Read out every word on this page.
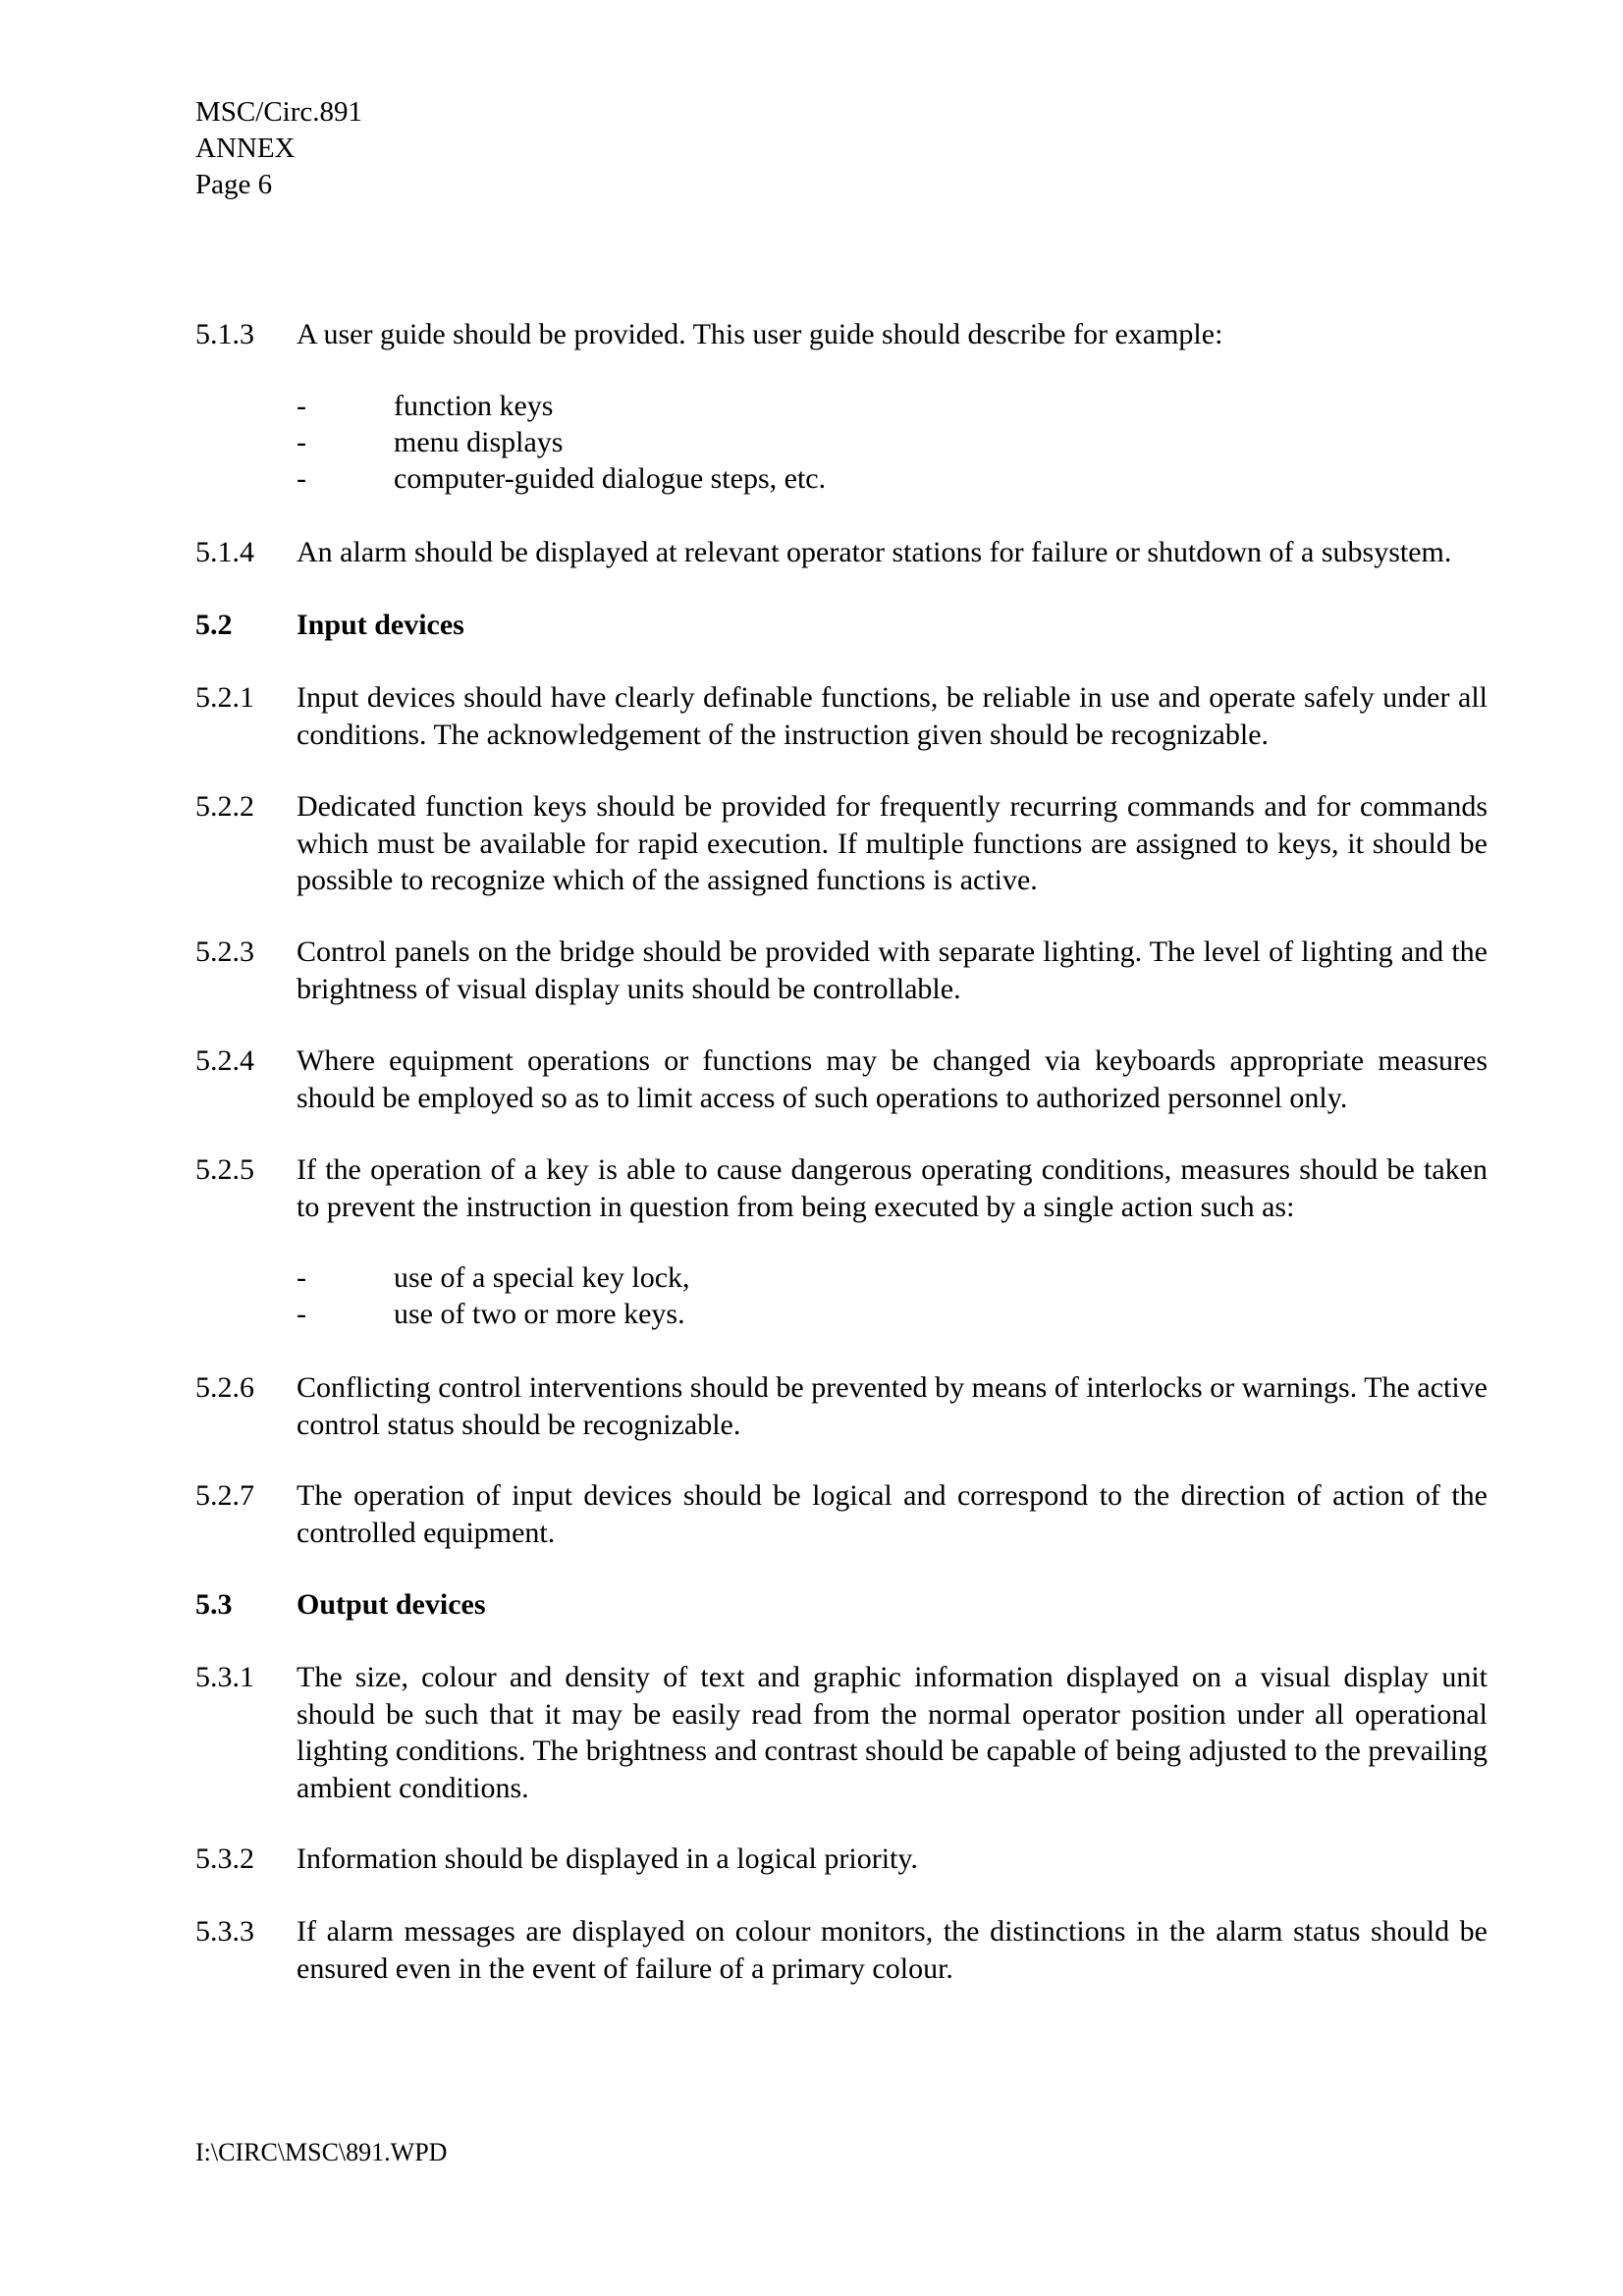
MSC/Circ.891
ANNEX
Page 6
5.1.3	A user guide should be provided. This user guide should describe for example:
-	function keys
-	menu displays
-	computer-guided dialogue steps, etc.
5.1.4	An alarm should be displayed at relevant operator stations for failure or shutdown of a subsystem.
5.2	Input devices
5.2.1	Input devices should have clearly definable functions, be reliable in use and operate safely under all conditions. The acknowledgement of the instruction given should be recognizable.
5.2.2	Dedicated function keys should be provided for frequently recurring commands and for commands which must be available for rapid execution. If multiple functions are assigned to keys, it should be possible to recognize which of the assigned functions is active.
5.2.3	Control panels on the bridge should be provided with separate lighting. The level of lighting and the brightness of visual display units should be controllable.
5.2.4	Where equipment operations or functions may be changed via keyboards appropriate measures should be employed so as to limit access of such operations to authorized personnel only.
5.2.5	If the operation of a key is able to cause dangerous operating conditions, measures should be taken to prevent the instruction in question from being executed by a single action such as:
-	use of a special key lock,
-	use of two or more keys.
5.2.6	Conflicting control interventions should be prevented by means of interlocks or warnings. The active control status should be recognizable.
5.2.7	The operation of input devices should be logical and correspond to the direction of action of the controlled equipment.
5.3	Output devices
5.3.1	The size, colour and density of text and graphic information displayed on a visual display unit should be such that it may be easily read from the normal operator position under all operational lighting conditions. The brightness and contrast should be capable of being adjusted to the prevailing ambient conditions.
5.3.2	Information should be displayed in a logical priority.
5.3.3	If alarm messages are displayed on colour monitors, the distinctions in the alarm status should be ensured even in the event of failure of a primary colour.
I:\CIRC\MSC\891.WPD
